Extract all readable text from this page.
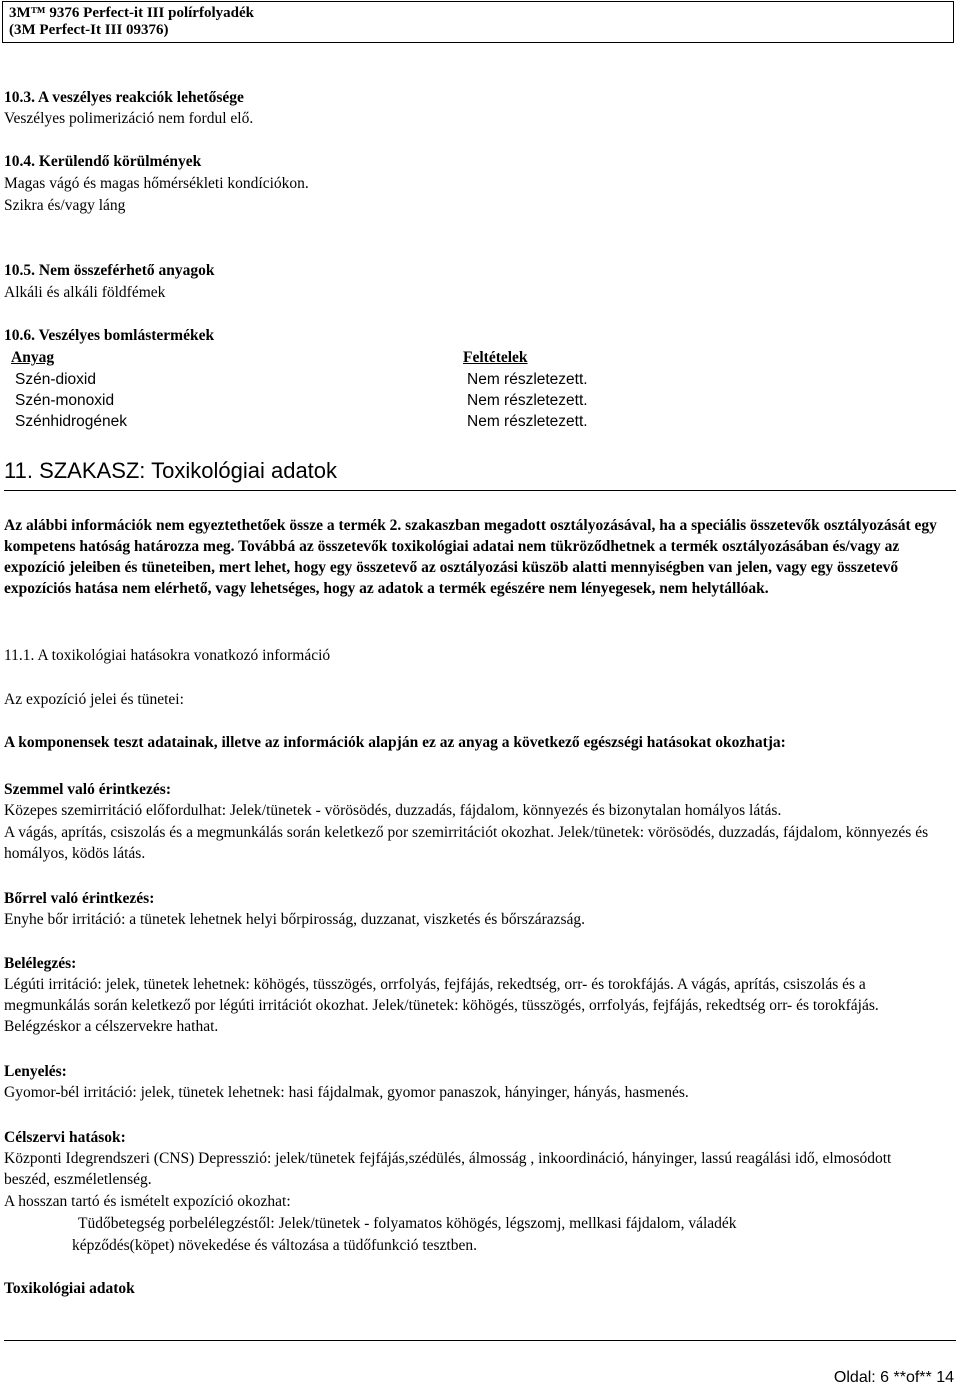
3M™ 9376 Perfect-it III polírfolyadék
(3M Perfect-It III 09376)
10.3. A veszélyes reakciók lehetősége
Veszélyes polimerizáció nem fordul elő.
10.4. Kerülendő körülmények
Magas vágó és magas hőmérsékleti kondíciókon.
Szikra és/vagy láng
10.5. Nem összeférhető anyagok
Alkáli és alkáli földfémek
10.6. Veszélyes bomlástermékek
Anyag	Feltételek
Szén-dioxid	Nem részletezett.
Szén-monoxid	Nem részletezett.
Szénhidrogének	Nem részletezett.
11. SZAKASZ: Toxikológiai adatok
Az alábbi információk nem egyeztethetőek össze a termék 2. szakaszban megadott osztályozásával, ha a speciális összetevők osztályozását egy kompetens hatóság határozza meg. Továbbá az összetevők toxikológiai adatai nem tükröződhetnek a termék osztályozásában és/vagy az expozíció jeleiben és tüneteiben, mert lehet, hogy egy összetevő az osztályozási küszöb alatti mennyiségben van jelen, vagy egy összetevő expozíciós hatása nem elérhető, vagy lehetséges, hogy az adatok a termék egészére nem lényegesek, nem helytállóak.
11.1. A toxikológiai hatásokra vonatkozó információ
Az expozíció jelei és tünetei:
A komponensek teszt adatainak, illetve az információk alapján ez az anyag a következő egészségi hatásokat okozhatja:
Szemmel való érintkezés:
Közepes szemirritáció előfordulhat: Jelek/tünetek - vörösödés, duzzadás, fájdalom, könnyezés és bizonytalan homályos látás.
A vágás, aprítás, csiszolás és a megmunkálás során keletkező por szemirritációt okozhat. Jelek/tünetek: vörösödés, duzzadás, fájdalom, könnyezés és homályos, ködös látás.
Bőrrel való érintkezés:
Enyhe bőr irritáció: a tünetek lehetnek helyi bőrpirosság, duzzanat, viszketés és bőrszárazság.
Belélegzés:
Légúti irritáció: jelek, tünetek lehetnek: köhögés, tüsszögés, orrfolyás, fejfájás, rekedtség, orr- és torokfájás. A vágás, aprítás, csiszolás és a megmunkálás során keletkező por légúti irritációt okozhat. Jelek/tünetek: köhögés, tüsszögés, orrfolyás, fejfájás, rekedtség orr- és torokfájás. Belégzéskor a célszervekre hathat.
Lenyelés:
Gyomor-bél irritáció: jelek, tünetek lehetnek: hasi fájdalmak, gyomor panaszok, hányinger, hányás, hasmenés.
Célszervi hatások:
Központi Idegrendszeri (CNS) Depresszió: jelek/tünetek fejfájás,szédülés, álmosság , inkoordináció, hányinger, lassú reagálási idő, elmosódott beszéd, eszméletlenség.
A hosszan tartó és ismételt expozíció okozhat:
Tüdőbetegség porbelélegzéstől: Jelek/tünetek - folyamatos köhögés, légszomj, mellkasi fájdalom, váladék
képződés(köpet) növekedése és változása a tüdőfunkció tesztben.
Toxikológiai adatok
Oldal: 6 **of** 14
